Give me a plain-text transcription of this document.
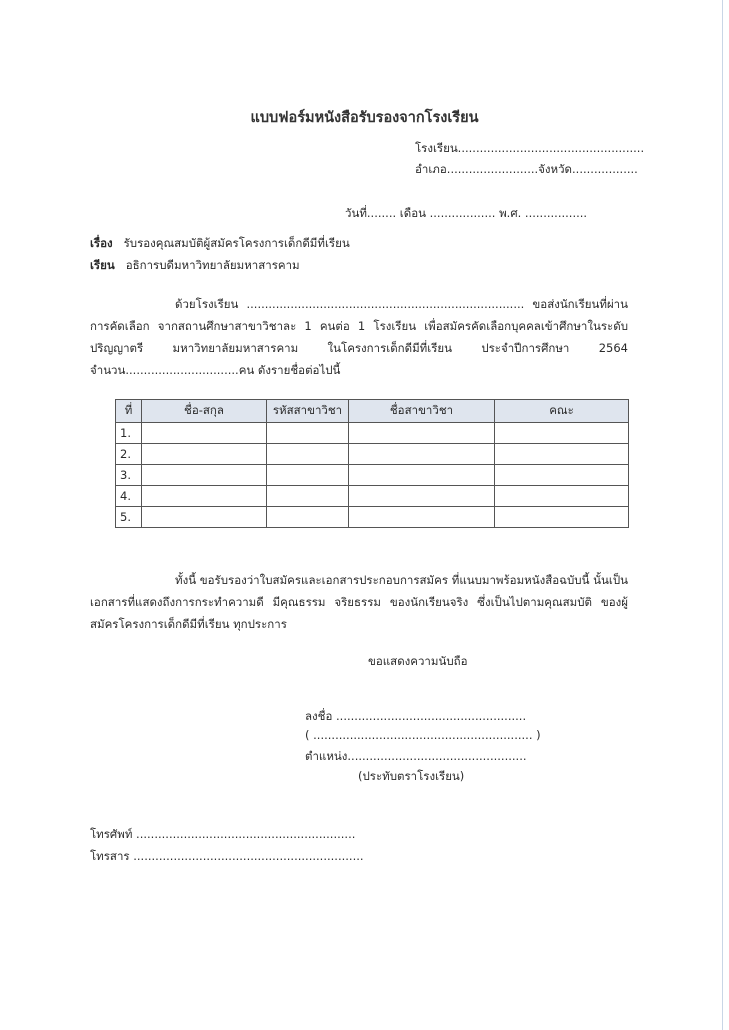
แบบฟอร์มหนังสือรับรองจากโรงเรียน
โรงเรียน...................................................
อำเภอ.........................จังหวัด..................
วันที่........ เดือน .................. พ.ศ. .................
เรื่อง รับรองคุณสมบัติผู้สมัครโครงการเด็กดีมีที่เรียน
เรียน อธิการบดีมหาวิทยาลัยมหาสารคาม
ด้วยโรงเรียน ............................................................................ ขอส่งนักเรียนที่ผ่านการคัดเลือก จากสถานศึกษาสาขาวิชาละ 1 คนต่อ 1 โรงเรียน เพื่อสมัครคัดเลือกบุคคลเข้าศึกษาในระดับปริญญาตรี มหาวิทยาลัยมหาสารคาม ในโครงการเด็กดีมีที่เรียน ประจำปีการศึกษา 2564 จำนวน...............................คน ดังรายชื่อต่อไปนี้
ที่	ชื่อ-สกุล	รหัสสาขาวิชา	ชื่อสาขาวิชา	คณะ
1.				
2.				
3.				
4.				
5.				
ทั้งนี้ ขอรับรองว่าใบสมัครและเอกสารประกอบการสมัคร ที่แนบมาพร้อมหนังสือฉบับนี้ นั้นเป็นเอกสารที่แสดงถึงการกระทำความดี มีคุณธรรม จริยธรรม ของนักเรียนจริง ซึ่งเป็นไปตามคุณสมบัติ ของผู้สมัครโครงการเด็กดีมีที่เรียน ทุกประการ
ขอแสดงความนับถือ
ลงชื่อ ....................................................
( ............................................................ )
ตำแหน่ง.................................................
(ประทับตราโรงเรียน)
โทรศัพท์ ............................................................
โทรสาร ...............................................................
